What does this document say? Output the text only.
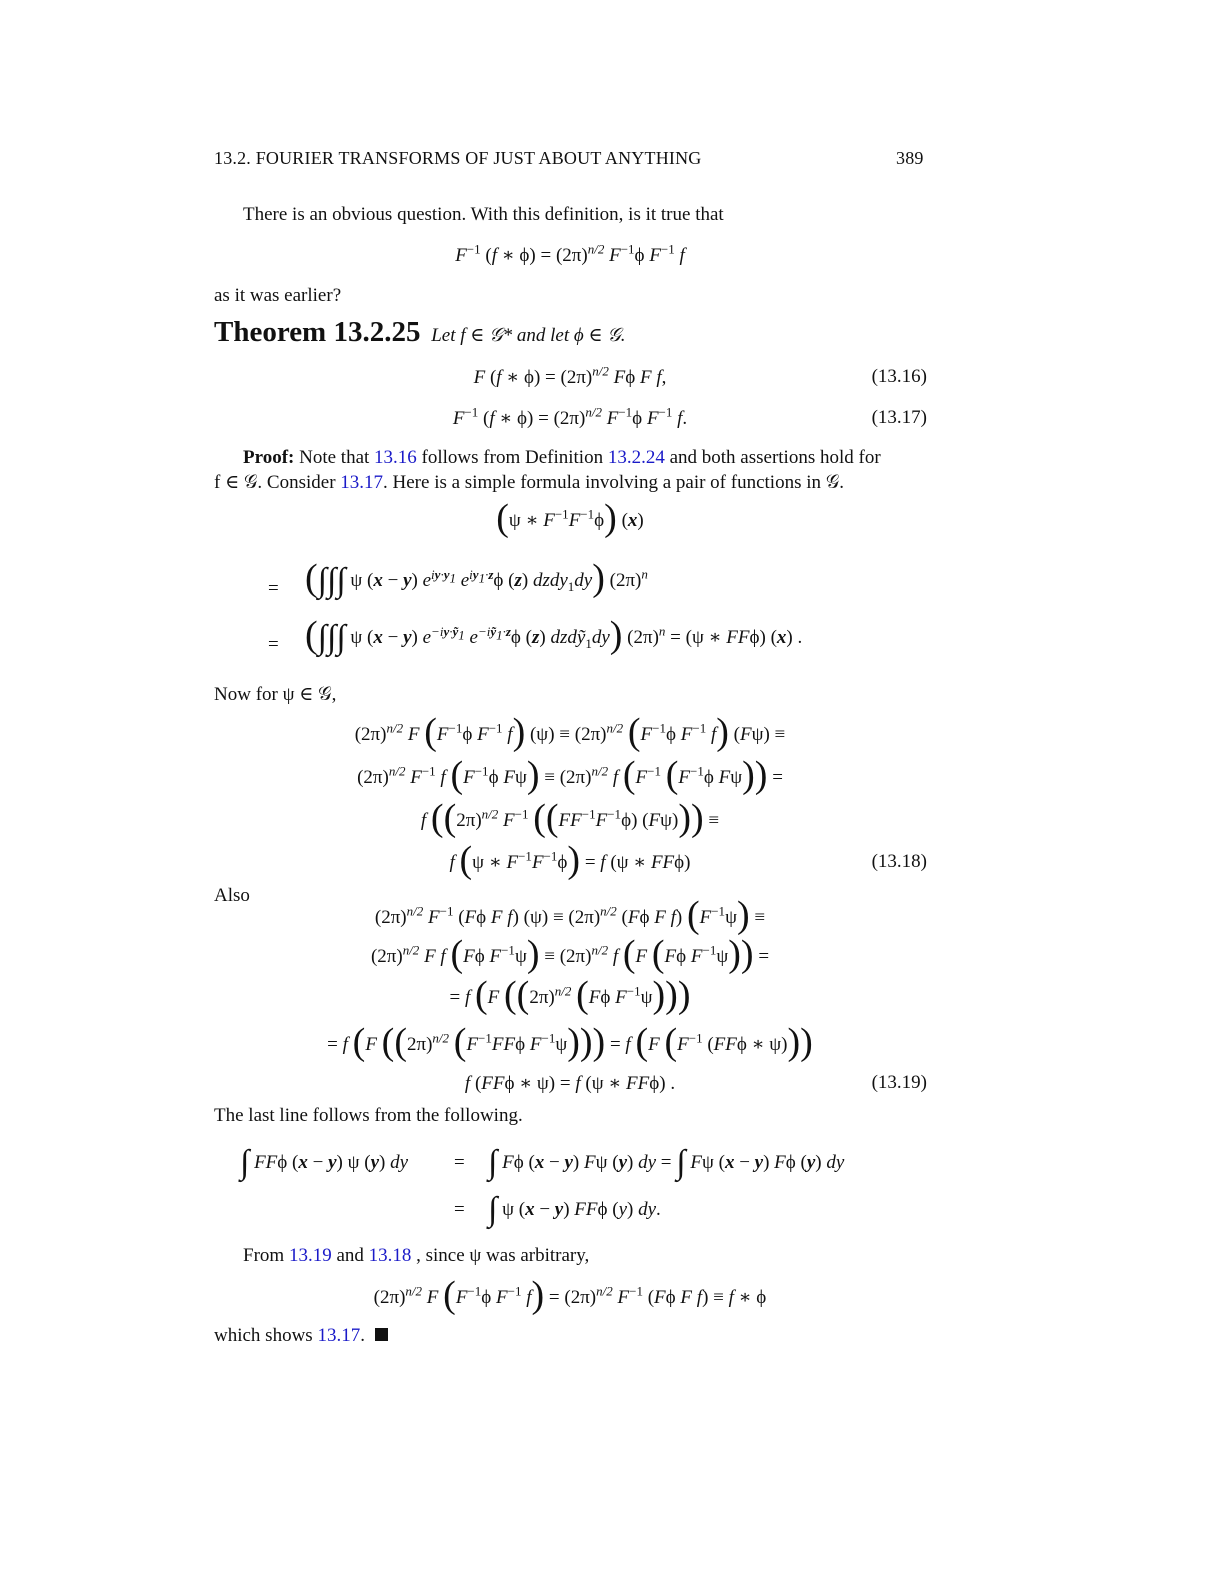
13.2. FOURIER TRANSFORMS OF JUST ABOUT ANYTHING	389
There is an obvious question. With this definition, is it true that
$F^{-1}$ (f ∗ $\phi) = (2\pi)^{n/2}$ $F^{-1}\phi$ $F^{-1}$ f
as it was earlier?
Theorem 13.2.25 Let f ∈ 𝒢* and let ϕ ∈ 𝒢.
F (f ∗ $\phi) = (2\pi)^{n/2}$ Fϕ F f,	(13.16)
$F^{-1}$ (f ∗ $\phi) = (2\pi)^{n/2}$ $F^{-1}\phi$ $F^{-1}$ f.	(13.17)
Proof: Note that 13.16 follows from Definition 13.2.24 and both assertions hold for
f ∈ 𝒢. Consider 13.17. Here is a simple formula involving a pair of functions in 𝒢.
(ψ ∗ $F^{-1}F^{-1}\phi$) (x)
= (∫∫∫ ψ (x − y) $e^{iy\cdot y_1}$ $e^{iy_1\cdot z}\phi$ (z) dzdy$_1$dy) $(2\pi)^n$
= (∫∫∫ ψ (x − y) $e^{-iy\cdot ỹ_1}$ $e^{-iỹ_1\cdot z}\phi$ (z) dzdỹ$_1$dy) $(2\pi)^n = (\psi$ ∗ FFϕ) (x) .
Now for ψ ∈ 𝒢,
$(2\pi)^{n/2}$ F ($F^{-1}\phi$ $F^{-1}$ f) $(\psi) \equiv (2\pi)^{n/2}$ ($F^{-1}\phi$ $F^{-1}$ f) (Fψ) ≡
$(2\pi)^{n/2}$ $F^{-1}$ f ($F^{-1}\phi$ $F\psi) \equiv (2\pi)^{n/2}$ f ($F^{-1}$ ($F^{-1}\phi$ Fψ)) =
f ($(2\pi)^{n/2}$ $F^{-1}$ $((FF^{-1}F^{-1}\phi) (F\psi))$) ≡
f (ψ ∗ $F^{-1}F^{-1}\phi) = f$ (ψ ∗ FFϕ)	(13.18)
Also
$(2\pi)^{n/2}$ $F^{-1}$ (Fϕ F f) $(\psi) \equiv (2\pi)^{n/2}$ (Fϕ F f) $(F^{-1}\psi)$ ≡
$(2\pi)^{n/2}$ F f (Fϕ $F^{-1}\psi) \equiv (2\pi)^{n/2}$ f (F (Fϕ $F^{-1}\psi$)) =
= f (F ($(2\pi)^{n/2}$ (Fϕ $F^{-1}\psi$)))
= f (F ($(2\pi)^{n/2}$ ($F^{-1}FF\phi$ $F^{-1}\psi))) = f$ (F ($F^{-1}$ (FFϕ ∗ ψ)))
f (FFϕ ∗ ψ) = f (ψ ∗ FFϕ) .	(13.19)
The last line follows from the following.
∫ FFϕ (x − y) ψ (y) dy = ∫ Fϕ (x − y) Fψ (y) dy = ∫ Fψ (x − y) Fϕ (y) dy
= ∫ ψ (x − y) FFϕ (y) dy.
From 13.19 and 13.18 , since ψ was arbitrary,
$(2\pi)^{n/2}$ F ($F^{-1}\phi$ $F^{-1}$ $f) = (2\pi)^{n/2}$ $F^{-1}$ (Fϕ F f) ≡ f ∗ ϕ
which shows 13.17.
